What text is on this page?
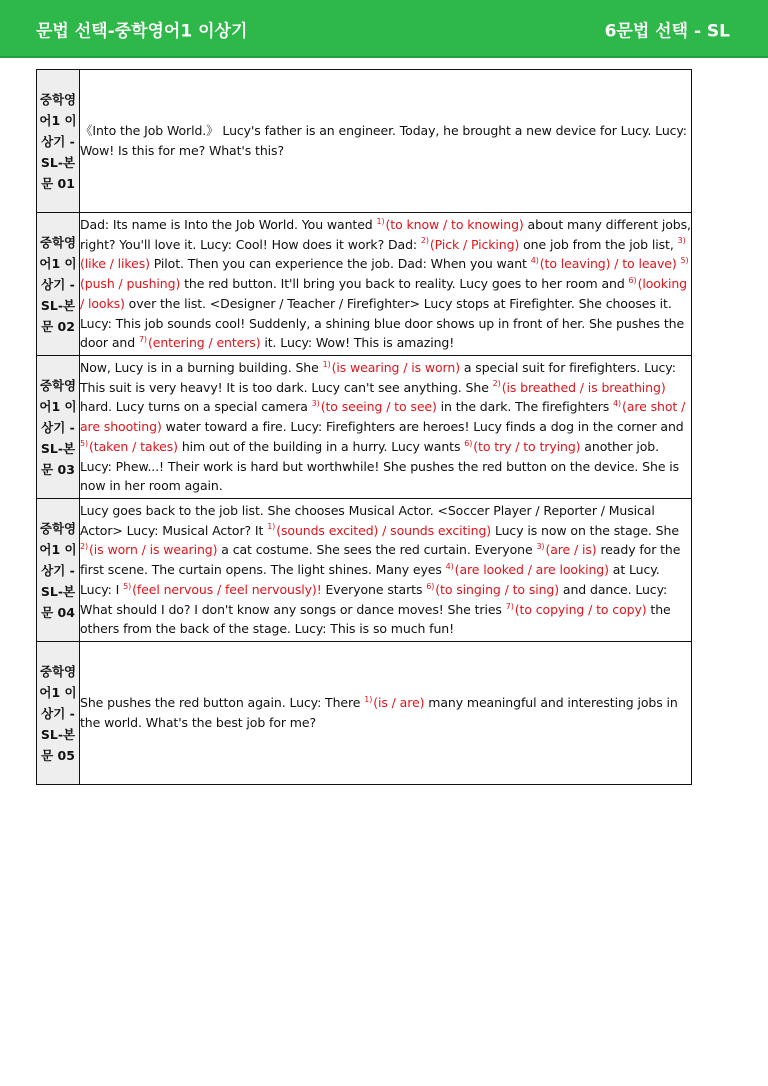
문법 선택-중학영어1 이상기	6문법 선택 - SL
중학영어1 이상기 - SL-본문 01	《Into the Job World.》 Lucy's father is an engineer. Today, he brought a new device for Lucy. Lucy: Wow! Is this for me? What's this?
중학영어1 이상기 - SL-본문 02	Dad: Its name is Into the Job World. You wanted $^{1)}$(to know / to knowing) about many different jobs, right? You'll love it. Lucy: Cool! How does it work? Dad: $^{2)}$(Pick / Picking) one job from the job list, $^{3)}$(like / likes) Pilot. Then you can experience the job. Dad: When you want $^{4)}$(to leaving) / to leave) $^{5)}$(push / pushing) the red button. It'll bring you back to reality. Lucy goes to her room and $^{6)}$(looking / looks) over the list. <Designer / Teacher / Firefighter> Lucy stops at Firefighter. She chooses it. Lucy: This job sounds cool! Suddenly, a shining blue door shows up in front of her. She pushes the door and $^{7)}$(entering / enters) it. Lucy: Wow! This is amazing!
중학영어1 이상기 - SL-본문 03	Now, Lucy is in a burning building. She $^{1)}$(is wearing / is worn) a special suit for firefighters. Lucy: This suit is very heavy! It is too dark. Lucy can't see anything. She $^{2)}$(is breathed / is breathing) hard. Lucy turns on a special camera $^{3)}$(to seeing / to see) in the dark. The firefighters $^{4)}$(are shot / are shooting) water toward a fire. Lucy: Firefighters are heroes! Lucy finds a dog in the corner and $^{5)}$(taken / takes) him out of the building in a hurry. Lucy wants $^{6)}$(to try / to trying) another job. Lucy: Phew...! Their work is hard but worthwhile! She pushes the red button on the device. She is now in her room again.
중학영어1 이상기 - SL-본문 04	Lucy goes back to the job list. She chooses Musical Actor. <Soccer Player / Reporter / Musical Actor> Lucy: Musical Actor? It $^{1)}$(sounds excited) / sounds exciting) Lucy is now on the stage. She $^{2)}$(is worn / is wearing) a cat costume. She sees the red curtain. Everyone $^{3)}$(are / is) ready for the first scene. The curtain opens. The light shines. Many eyes $^{4)}$(are looked / are looking) at Lucy. Lucy: I $^{5)}$(feel nervous / feel nervously)! Everyone starts $^{6)}$(to singing / to sing) and dance. Lucy: What should I do? I don't know any songs or dance moves! She tries $^{7)}$(to copying / to copy) the others from the back of the stage. Lucy: This is so much fun!
중학영어1 이상기 - SL-본문 05	She pushes the red button again. Lucy: There $^{1)}$(is / are) many meaningful and interesting jobs in the world. What's the best job for me?
